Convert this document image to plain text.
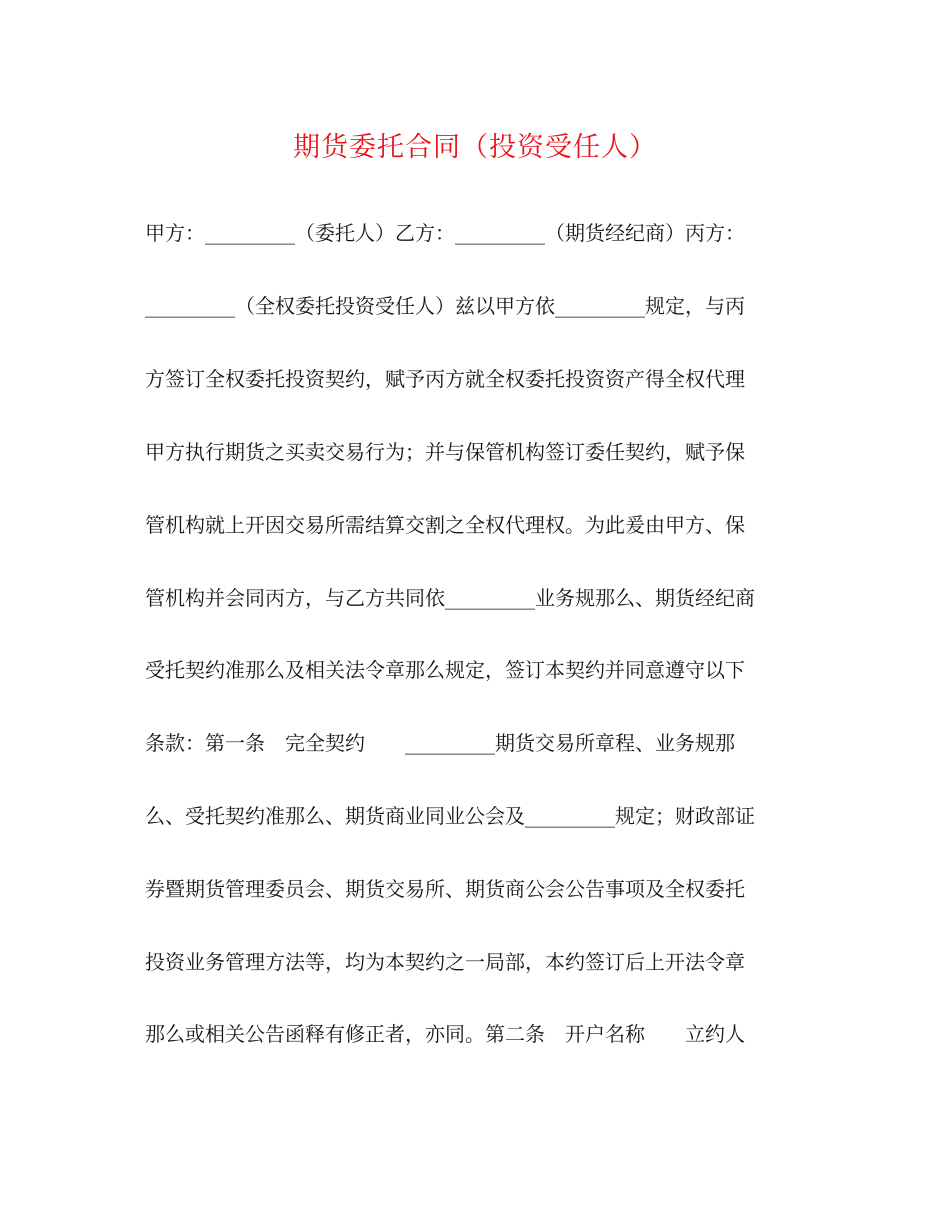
期货委托合同（投资受任人）
甲方：_________（委托人）乙方：_________（期货经纪商）丙方：
_________（全权委托投资受任人）兹以甲方依_________规定，与丙
方签订全权委托投资契约，赋予丙方就全权委托投资资产得全权代理
甲方执行期货之买卖交易行为；并与保管机构签订委任契约，赋予保
管机构就上开因交易所需结算交割之全权代理权。为此爰由甲方、保
管机构并会同丙方，与乙方共同依_________业务规那么、期货经纪商
受托契约准那么及相关法令章那么规定，签订本契约并同意遵守以下
条款：第一条　完全契约　　_________期货交易所章程、业务规那
么、受托契约准那么、期货商业同业公会及_________规定；财政部证
券暨期货管理委员会、期货交易所、期货商公会公告事项及全权委托
投资业务管理方法等，均为本契约之一局部，本约签订后上开法令章
那么或相关公告函释有修正者，亦同。第二条　开户名称　　立约人
